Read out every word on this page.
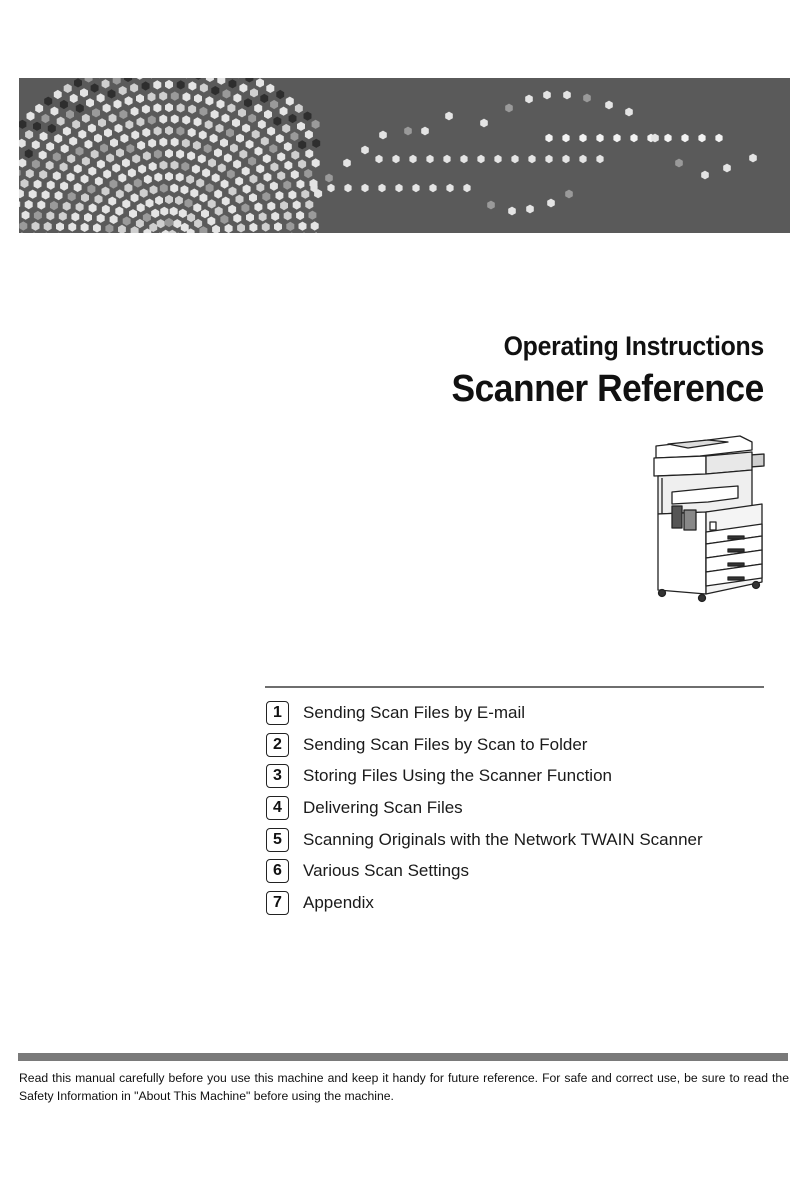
Operating Instructions
Scanner Reference
1	Sending Scan Files by E-mail
2	Sending Scan Files by Scan to Folder
3	Storing Files Using the Scanner Function
4	Delivering Scan Files
5	Scanning Originals with the Network TWAIN Scanner
6	Various Scan Settings
7	Appendix
Read this manual carefully before you use this machine and keep it handy for future reference. For safe and correct use, be sure to read the Safety Information in "About This Machine" before using the machine.
